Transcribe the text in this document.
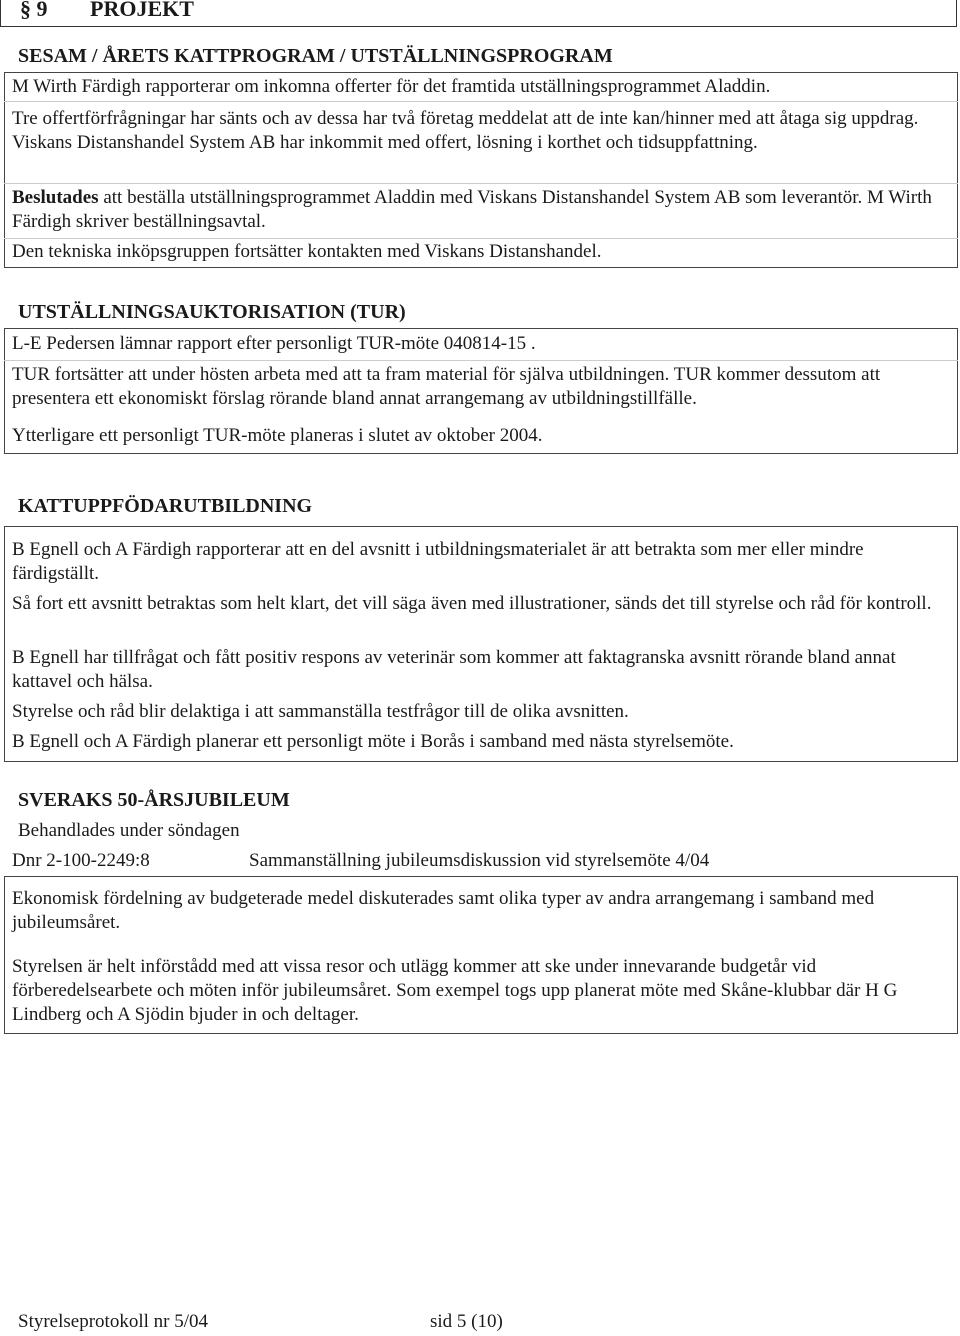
§ 9 PROJEKT
SESAM / ÅRETS KATTPROGRAM / UTSTÄLLNINGSPROGRAM
M Wirth Färdigh rapporterar om inkomna offerter för det framtida utställningsprogrammet Aladdin.
Tre offertförfrågningar har sänts och av dessa har två företag meddelat att de inte kan/hinner med att åtaga sig uppdrag. Viskans Distanshandel System AB har inkommit med offert, lösning i korthet och tidsuppfattning.
Beslutades att beställa utställningsprogrammet Aladdin med Viskans Distanshandel System AB som leverantör. M Wirth Färdigh skriver beställningsavtal.
Den tekniska inköpsgruppen fortsätter kontakten med Viskans Distanshandel.
UTSTÄLLNINGSAUKTORISATION (TUR)
L-E Pedersen lämnar rapport efter personligt TUR-möte 040814-15 .
TUR fortsätter att under hösten arbeta med att ta fram material för själva utbildningen. TUR kommer dessutom att presentera ett ekonomiskt förslag rörande bland annat arrangemang av utbildningstillfälle.
Ytterligare ett personligt TUR-möte planeras i slutet av oktober 2004.
KATTUPPFÖDARUTBILDNING
B Egnell och A Färdigh rapporterar att en del avsnitt i utbildningsmaterialet är att betrakta som mer eller mindre färdigställt.
Så fort ett avsnitt betraktas som helt klart, det vill säga även med illustrationer, sänds det till styrelse och råd för kontroll.
B Egnell har tillfrågat och fått positiv respons av veterinär som kommer att faktagranska avsnitt rörande bland annat kattavel och hälsa.
Styrelse och råd blir delaktiga i att sammanställa testfrågor till de olika avsnitten.
B Egnell och A Färdigh planerar ett personligt möte i Borås i samband med nästa styrelsemöte.
SVERAKS 50-ÅRSJUBILEUM
Behandlades under söndagen
Dnr 2-100-2249:8	Sammanställning jubileumsdiskussion vid styrelsemöte 4/04
Ekonomisk fördelning av budgeterade medel diskuterades samt olika typer av andra arrangemang i samband med jubileumsåret.
Styrelsen är helt införstådd med att vissa resor och utlägg kommer att ske under innevarande budgetår vid förberedelsearbete och möten inför jubileumsåret. Som exempel togs upp planerat möte med Skåne-klubbar där H G Lindberg och A Sjödin bjuder in och deltager.
Styrelseprotokoll nr 5/04	sid 5 (10)
